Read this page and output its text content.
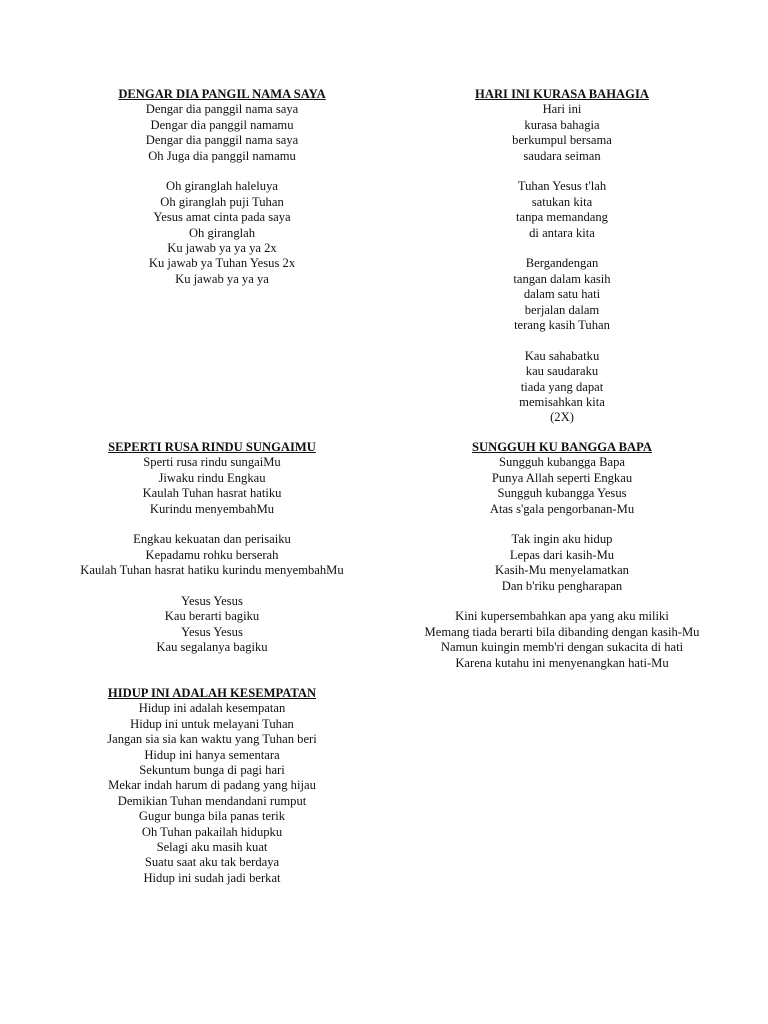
DENGAR DIA PANGIL NAMA SAYA
Dengar dia panggil nama saya
Dengar dia panggil namamu
Dengar dia panggil nama saya
Oh Juga dia panggil namamu
Oh giranglah haleluya
Oh giranglah puji Tuhan
Yesus amat cinta pada saya
Oh giranglah
Ku jawab ya ya ya 2x
Ku jawab ya Tuhan Yesus 2x
Ku jawab ya ya ya
HARI INI KURASA BAHAGIA
Hari ini
kurasa bahagia
berkumpul bersama
saudara seiman
Tuhan Yesus t'lah
satukan kita
tanpa memandang
di antara kita
Bergandengan
tangan dalam kasih
dalam satu hati
berjalan dalam
terang kasih Tuhan
Kau sahabatku
kau saudaraku
tiada yang dapat
memisahkan kita
(2X)
SEPERTI RUSA RINDU SUNGAIMU
Sperti rusa rindu sungaiMu
Jiwaku rindu Engkau
Kaulah Tuhan hasrat hatiku
Kurindu menyembahMu
Engkau kekuatan dan perisaiku
Kepadamu rohku berserah
Kaulah Tuhan hasrat hatiku kurindu menyembahMu
Yesus Yesus
Kau berarti bagiku
Yesus Yesus
Kau segalanya bagiku
SUNGGUH KU BANGGA BAPA
Sungguh kubangga Bapa
Punya Allah seperti Engkau
Sungguh kubangga Yesus
Atas s'gala pengorbanan-Mu
Tak ingin aku hidup
Lepas dari kasih-Mu
Kasih-Mu menyelamatkan
Dan b'riku pengharapan
Kini kupersembahkan apa yang aku miliki
Memang tiada berarti bila dibanding dengan kasih-Mu
Namun kuingin memb'ri dengan sukacita di hati
Karena kutahu ini menyenangkan hati-Mu
HIDUP INI ADALAH KESEMPATAN
Hidup ini adalah kesempatan
Hidup ini untuk melayani Tuhan
Jangan sia sia kan waktu yang Tuhan beri
Hidup ini hanya sementara
Sekuntum bunga di pagi hari
Mekar indah harum di padang yang hijau
Demikian Tuhan mendandani rumput
Gugur bunga bila panas terik
Oh Tuhan pakailah hidupku
Selagi aku masih kuat
Suatu saat aku tak berdaya
Hidup ini sudah jadi berkat
